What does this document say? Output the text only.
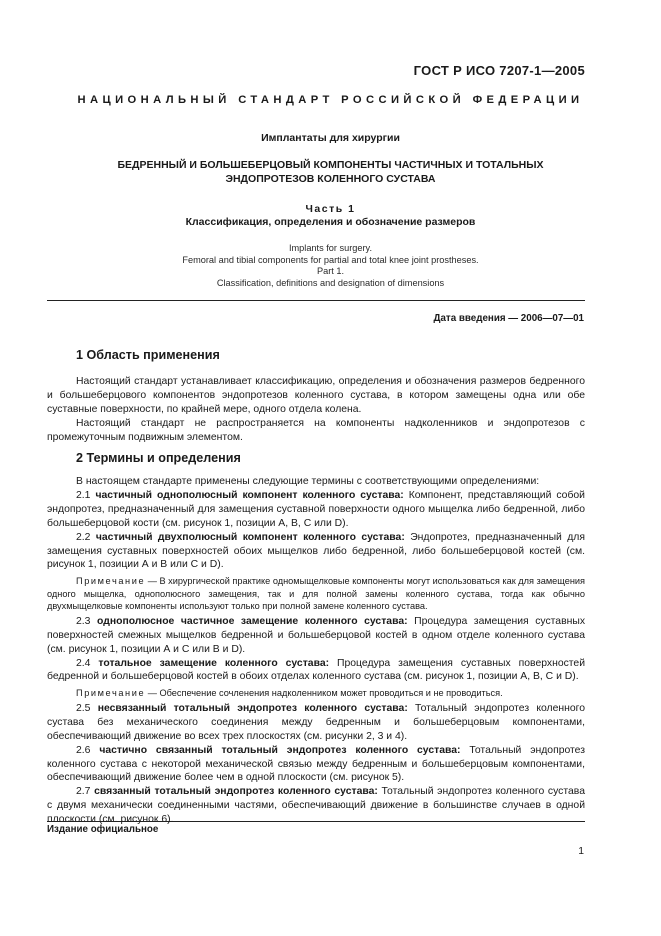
ГОСТ Р ИСО 7207-1—2005
НАЦИОНАЛЬНЫЙ СТАНДАРТ РОССИЙСКОЙ ФЕДЕРАЦИИ
Имплантаты для хирургии
БЕДРЕННЫЙ И БОЛЬШЕБЕРЦОВЫЙ КОМПОНЕНТЫ ЧАСТИЧНЫХ И ТОТАЛЬНЫХ
ЭНДОПРОТЕЗОВ КОЛЕННОГО СУСТАВА
Часть 1
Классификация, определения и обозначение размеров
Implants for surgery.
Femoral and tibial components for partial and total knee joint prostheses.
Part 1.
Classification, definitions and designation of dimensions
Дата введения — 2006—07—01
1 Область применения

Настоящий стандарт устанавливает классификацию, определения и обозначения размеров бедренного и большеберцового компонентов эндопротезов коленного сустава, в котором замещены одна или обе суставные поверхности, по крайней мере, одного отдела колена.

Настоящий стандарт не распространяется на компоненты надколенников и эндопротезов с промежуточным подвижным элементом.

2 Термины и определения

В настоящем стандарте применены следующие термины с соответствующими определениями:

2.1 частичный однополюсный компонент коленного сустава: Компонент, представляющий собой эндопротез, предназначенный для замещения суставной поверхности одного мыщелка либо бедренной, либо большеберцовой кости (см. рисунок 1, позиции А, В, С или D).

2.2 частичный двухполюсный компонент коленного сустава: Эндопротез, предназначенный для замещения суставных поверхностей обоих мыщелков либо бедренной, либо большеберцовой костей (см. рисунок 1, позиции А и В или С и D).

Примечание — В хирургической практике одномыщелковые компоненты могут использоваться как для замещения одного мыщелка, однополюсного замещения, так и для полной замены коленного сустава, тогда как обычно двухмыщелковые компоненты используют только при полной замене коленного сустава.

2.3 однополюсное частичное замещение коленного сустава: Процедура замещения суставных поверхностей смежных мыщелков бедренной и большеберцовой костей в одном отделе коленного сустава (см. рисунок 1, позиции А и С или В и D).

2.4 тотальное замещение коленного сустава: Процедура замещения суставных поверхностей бедренной и большеберцовой костей в обоих отделах коленного сустава (см. рисунок 1, позиции А, В, С и D).

Примечание — Обеспечение сочленения надколенником может проводиться и не проводиться.

2.5 несвязанный тотальный эндопротез коленного сустава: Тотальный эндопротез коленного сустава без механического соединения между бедренным и большеберцовым компонентами, обеспечивающий движение во всех трех плоскостях (см. рисунки 2, 3 и 4).

2.6 частично связанный тотальный эндопротез коленного сустава: Тотальный эндопротез коленного сустава с некоторой механической связью между бедренным и большеберцовым компонентами, обеспечивающий движение более чем в одной плоскости (см. рисунок 5).

2.7 связанный тотальный эндопротез коленного сустава: Тотальный эндопротез коленного сустава с двумя механически соединенными частями, обеспечивающий движение в большинстве случаев в одной плоскости (см. рисунок 6).

Издание официальное
1
